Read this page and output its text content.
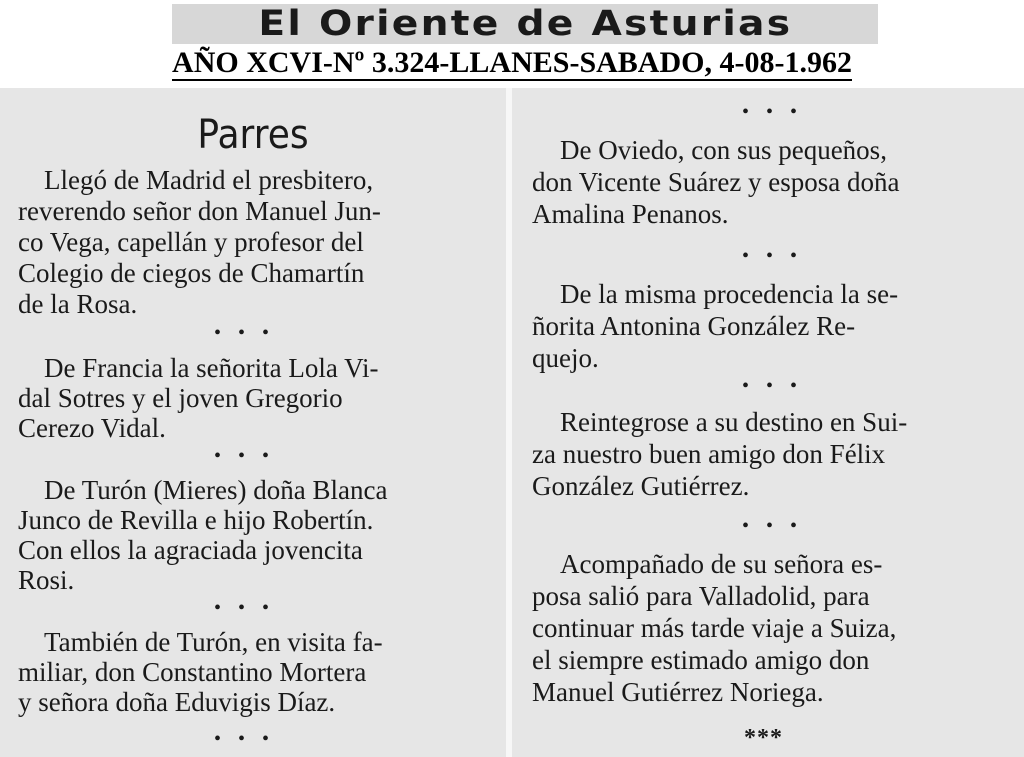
El Oriente de Asturias
AÑO XCVI-Nº 3.324-LLANES-SABADO, 4-08-1.962
Parres
Llegó de Madrid el presbitero,
reverendo señor don Manuel Jun-
co Vega, capellán y profesor del
Colegio de ciegos de Chamartín
de la Rosa.
• • •
De Francia la señorita Lola Vi-
dal Sotres y el joven Gregorio
Cerezo Vidal.
• • •
De Turón (Mieres) doña Blanca
Junco de Revilla e hijo Robertín.
Con ellos la agraciada jovencita
Rosi.
• • •
También de Turón, en visita fa-
miliar, don Constantino Mortera
y señora doña Eduvigis Díaz.
• • •
• • •
De Oviedo, con sus pequeños,
don Vicente Suárez y esposa doña
Amalina Penanos.
• • •
De la misma procedencia la se-
ñorita Antonina González Re-
quejo.
• • •
Reintegrose a su destino en Sui-
za nuestro buen amigo don Félix
González Gutiérrez.
• • •
Acompañado de su señora es-
posa salió para Valladolid, para
continuar más tarde viaje a Suiza,
el siempre estimado amigo don
Manuel Gutiérrez Noriega.
***
